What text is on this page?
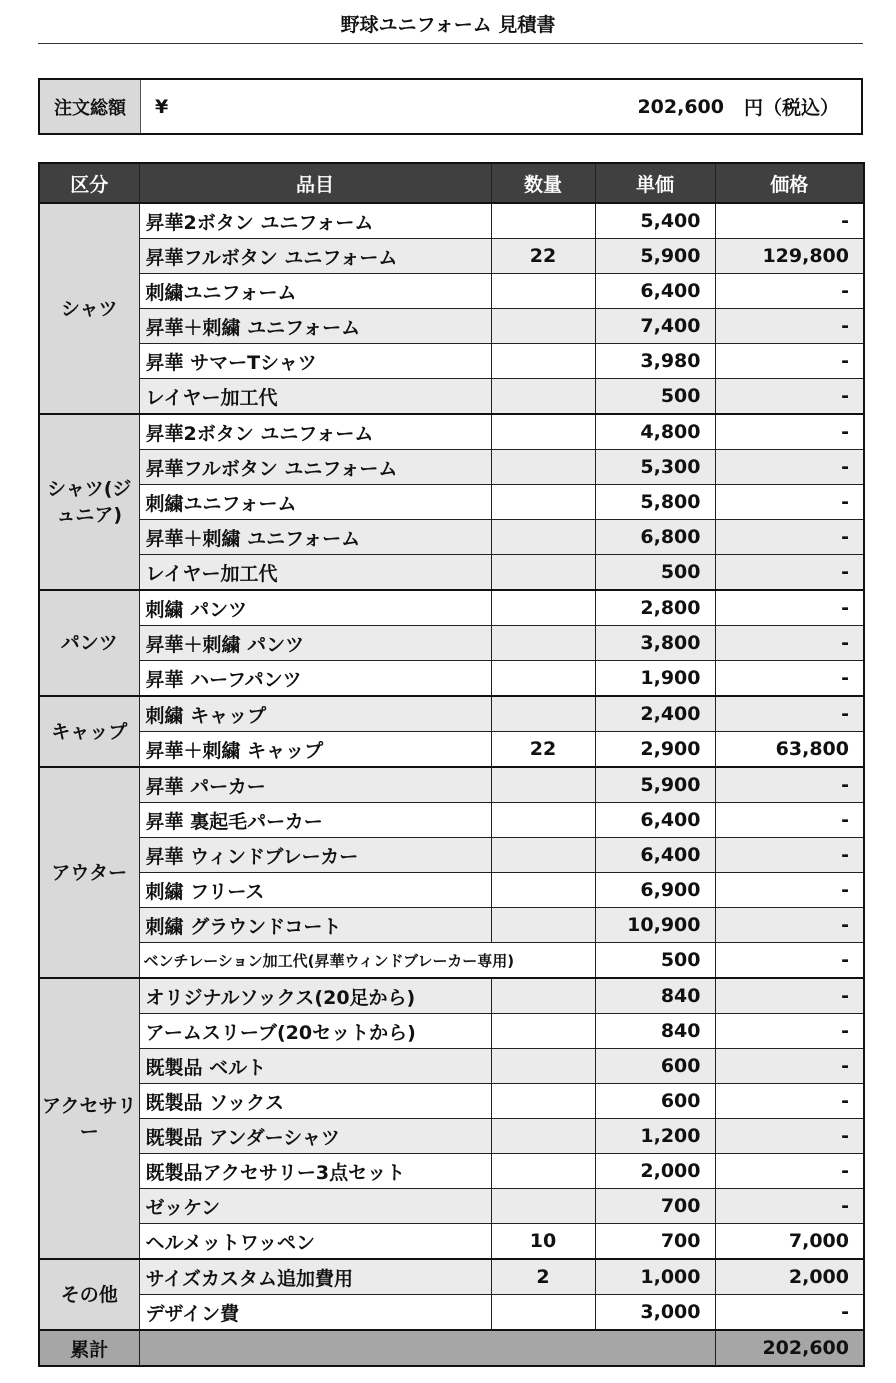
野球ユニフォーム 見積書
注文総額	¥	202,600 円（税込）
区分	品目	数量	単価	価格
シャツ	昇華2ボタン ユニフォーム		5,400	-
	昇華フルボタン ユニフォーム	22	5,900	129,800
	刺繍ユニフォーム		6,400	-
	昇華＋刺繍 ユニフォーム		7,400	-
	昇華 サマーTシャツ		3,980	-
	レイヤー加工代		500	-
シャツ(ジュニア)	昇華2ボタン ユニフォーム		4,800	-
	昇華フルボタン ユニフォーム		5,300	-
	刺繍ユニフォーム		5,800	-
	昇華＋刺繍 ユニフォーム		6,800	-
	レイヤー加工代		500	-
パンツ	刺繍 パンツ		2,800	-
	昇華＋刺繍 パンツ		3,800	-
	昇華 ハーフパンツ		1,900	-
キャップ	刺繍 キャップ		2,400	-
	昇華＋刺繍 キャップ	22	2,900	63,800
アウター	昇華 パーカー		5,900	-
	昇華 裏起毛パーカー		6,400	-
	昇華 ウィンドブレーカー		6,400	-
	刺繍 フリース		6,900	-
	刺繍 グラウンドコート		10,900	-
	ベンチレーション加工代(昇華ウィンドブレーカー専用)		500	-
アクセサリー	オリジナルソックス(20足から)		840	-
	アームスリーブ(20セットから)		840	-
	既製品 ベルト		600	-
	既製品 ソックス		600	-
	既製品 アンダーシャツ		1,200	-
	既製品アクセサリー3点セット		2,000	-
	ゼッケン		700	-
	ヘルメットワッペン	10	700	7,000
その他	サイズカスタム追加費用	2	1,000	2,000
	デザイン費		3,000	-
累計				202,600
